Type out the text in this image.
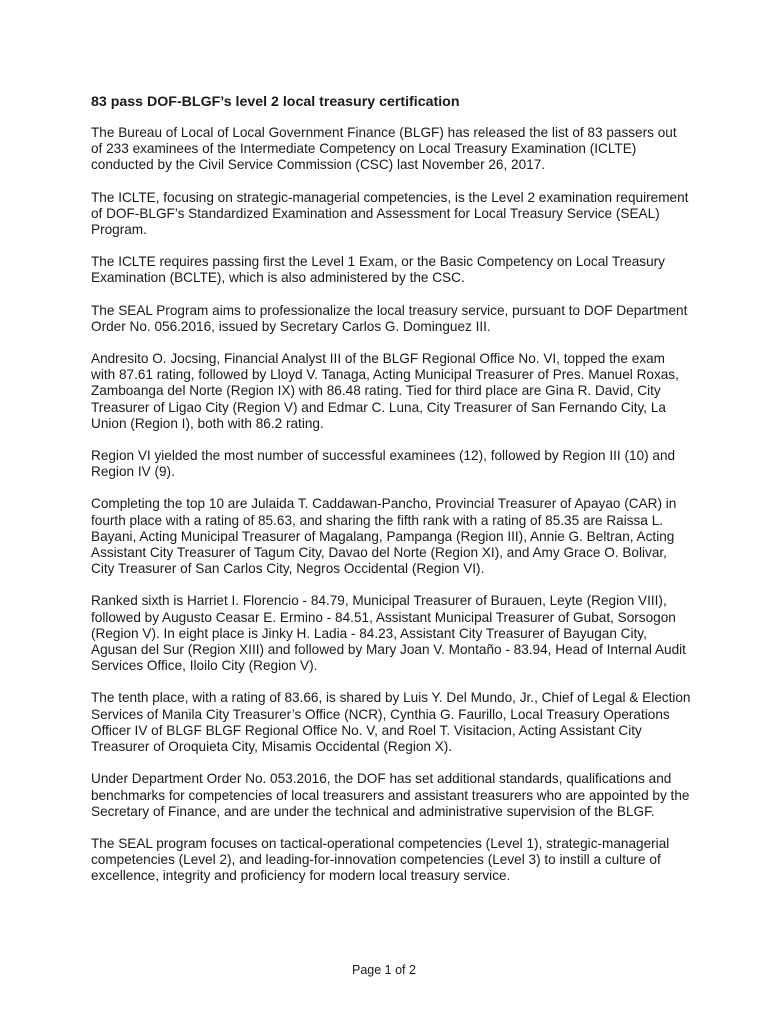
83 pass DOF-BLGF’s level 2 local treasury certification

The Bureau of Local of Local Government Finance (BLGF) has released the list of 83 passers out of 233 examinees of the Intermediate Competency on Local Treasury Examination (ICLTE) conducted by the Civil Service Commission (CSC) last November 26, 2017.

The ICLTE, focusing on strategic-managerial competencies, is the Level 2 examination requirement of DOF-BLGF’s Standardized Examination and Assessment for Local Treasury Service (SEAL) Program.

The ICLTE requires passing first the Level 1 Exam, or the Basic Competency on Local Treasury Examination (BCLTE), which is also administered by the CSC.

The SEAL Program aims to professionalize the local treasury service, pursuant to DOF Department Order No. 056.2016, issued by Secretary Carlos G. Dominguez III.

Andresito O. Jocsing, Financial Analyst III of the BLGF Regional Office No. VI, topped the exam with 87.61 rating, followed by Lloyd V. Tanaga, Acting Municipal Treasurer of Pres. Manuel Roxas, Zamboanga del Norte (Region IX) with 86.48 rating. Tied for third place are Gina R. David, City Treasurer of Ligao City (Region V) and Edmar C. Luna, City Treasurer of San Fernando City, La Union (Region I), both with 86.2 rating.

Region VI yielded the most number of successful examinees (12), followed by Region III (10) and Region IV (9).

Completing the top 10 are Julaida T. Caddawan-Pancho, Provincial Treasurer of Apayao (CAR) in fourth place with a rating of 85.63, and sharing the fifth rank with a rating of 85.35 are Raissa L. Bayani, Acting Municipal Treasurer of Magalang, Pampanga (Region III), Annie G. Beltran, Acting Assistant City Treasurer of Tagum City, Davao del Norte (Region XI), and Amy Grace O. Bolivar, City Treasurer of San Carlos City, Negros Occidental (Region VI).

Ranked sixth is Harriet I. Florencio - 84.79, Municipal Treasurer of Burauen, Leyte (Region VIII), followed by Augusto Ceasar E. Ermino - 84.51, Assistant Municipal Treasurer of Gubat, Sorsogon (Region V). In eight place is Jinky H. Ladia - 84.23, Assistant City Treasurer of Bayugan City, Agusan del Sur (Region XIII) and followed by Mary Joan V. Montaño - 83.94, Head of Internal Audit Services Office, Iloilo City (Region V).

The tenth place, with a rating of 83.66, is shared by Luis Y. Del Mundo, Jr., Chief of Legal & Election Services of Manila City Treasurer’s Office (NCR), Cynthia G. Faurillo, Local Treasury Operations Officer IV of BLGF BLGF Regional Office No. V, and Roel T. Visitacion, Acting Assistant City Treasurer of Oroquieta City, Misamis Occidental (Region X).

Under Department Order No. 053.2016, the DOF has set additional standards, qualifications and benchmarks for competencies of local treasurers and assistant treasurers who are appointed by the Secretary of Finance, and are under the technical and administrative supervision of the BLGF.

The SEAL program focuses on tactical-operational competencies (Level 1), strategic-managerial competencies (Level 2), and leading-for-innovation competencies (Level 3) to instill a culture of excellence, integrity and proficiency for modern local treasury service.

Page 1 of 2
